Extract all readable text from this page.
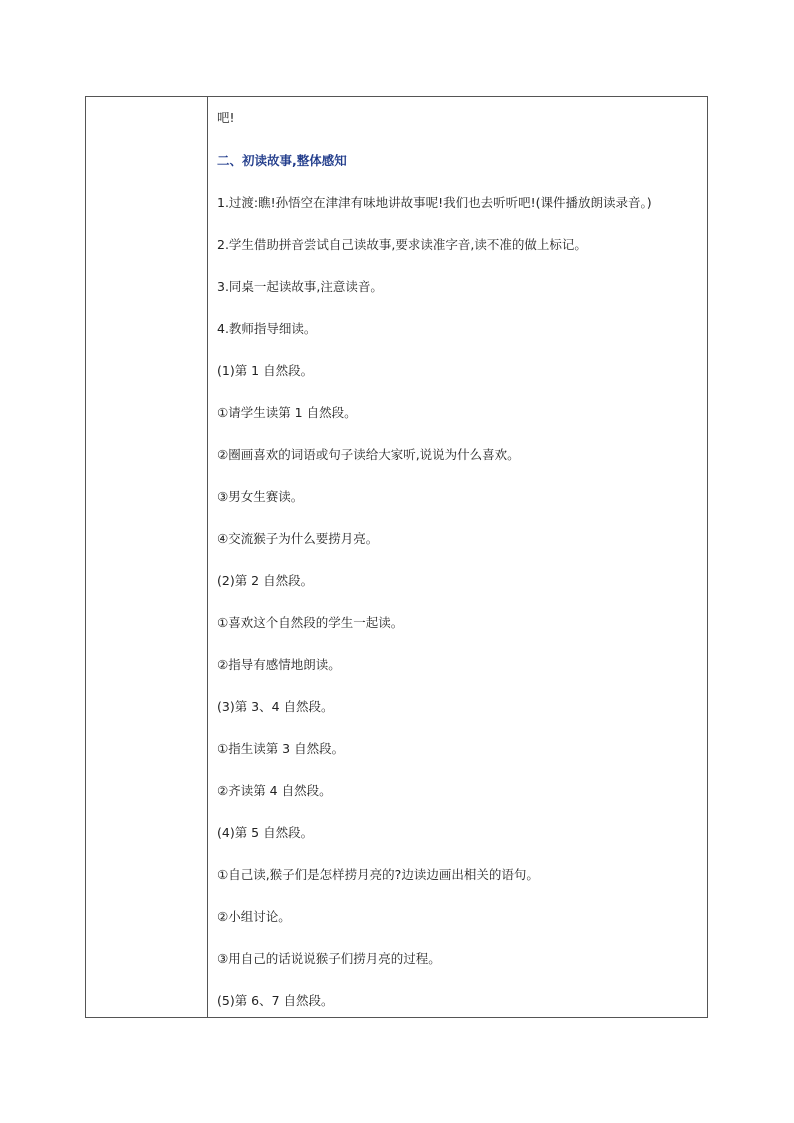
吧!
二、初读故事,整体感知
1.过渡:瞧!孙悟空在津津有味地讲故事呢!我们也去听听吧!(课件播放朗读录音。)
2.学生借助拼音尝试自己读故事,要求读准字音,读不准的做上标记。
3.同桌一起读故事,注意读音。
4.教师指导细读。
(1)第 1 自然段。
①请学生读第 1 自然段。
②圈画喜欢的词语或句子读给大家听,说说为什么喜欢。
③男女生赛读。
④交流猴子为什么要捞月亮。
(2)第 2 自然段。
①喜欢这个自然段的学生一起读。
②指导有感情地朗读。
(3)第 3、4 自然段。
①指生读第 3 自然段。
②齐读第 4 自然段。
(4)第 5 自然段。
①自己读,猴子们是怎样捞月亮的?边读边画出相关的语句。
②小组讨论。
③用自己的话说说猴子们捞月亮的过程。
(5)第 6、7 自然段。
